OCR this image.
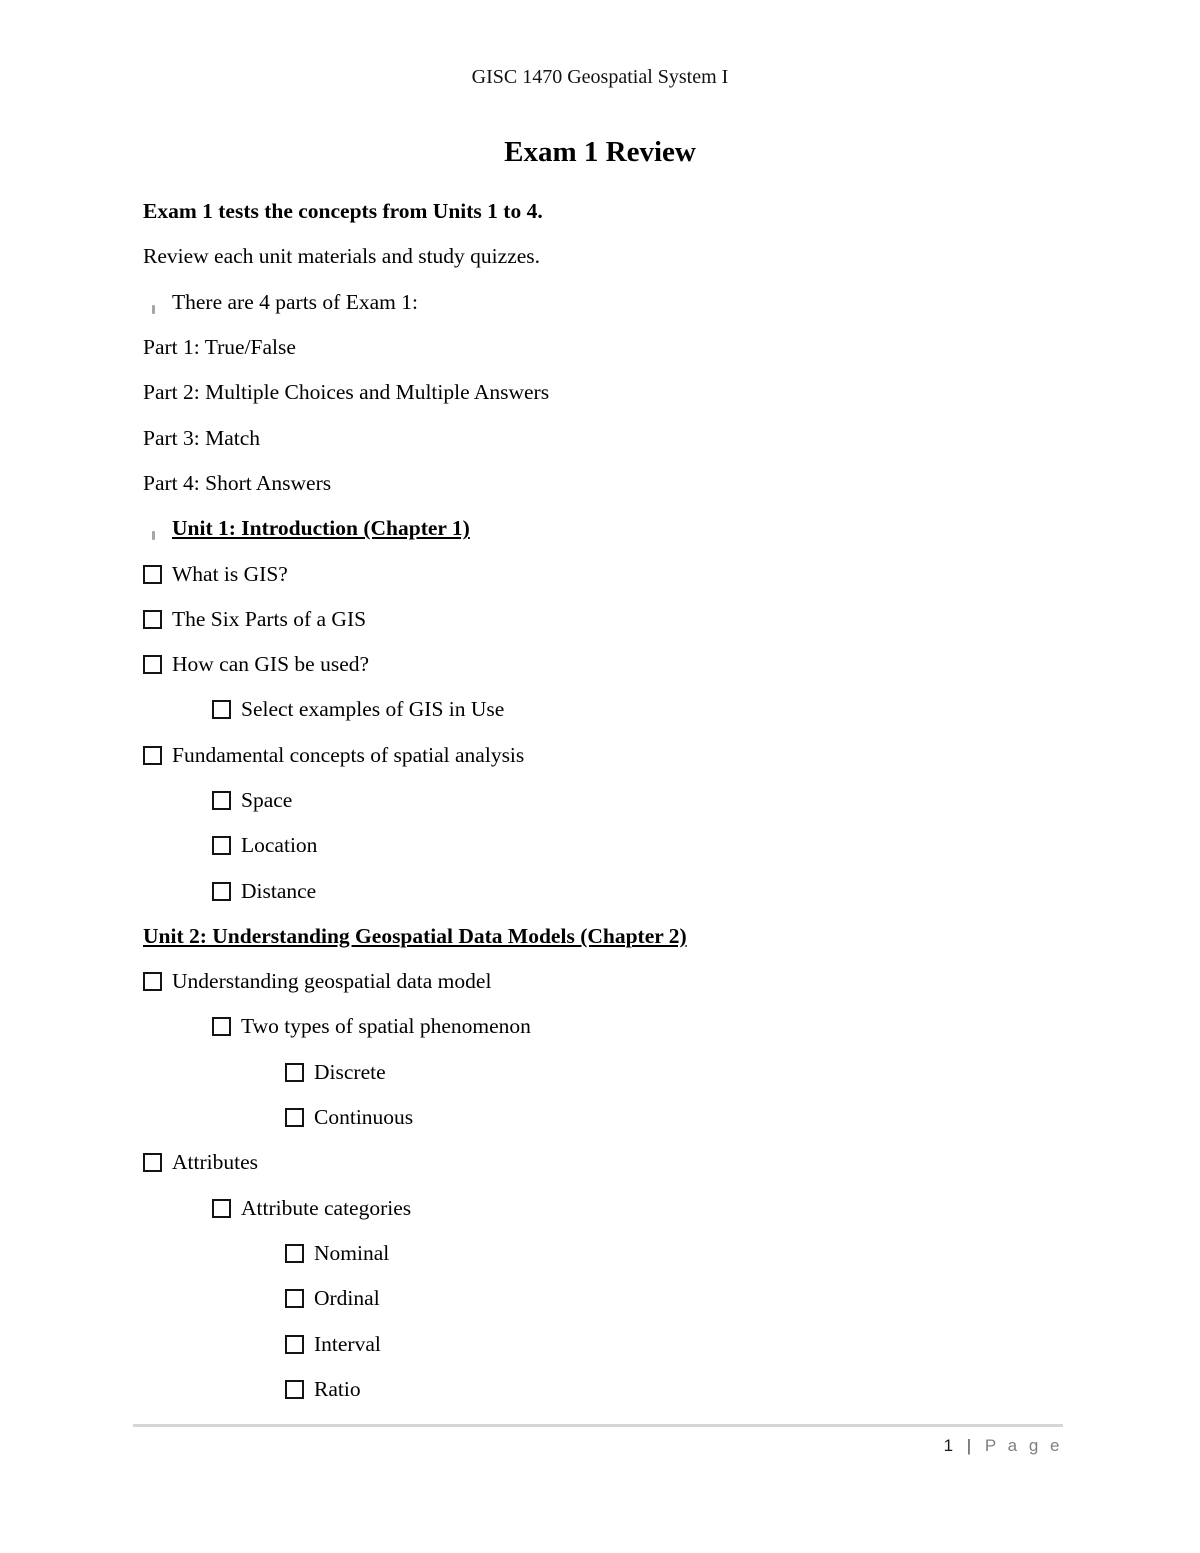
GISC 1470 Geospatial System I
Exam 1 Review
Exam 1 tests the concepts from Units 1 to 4.
Review each unit materials and study quizzes.
There are 4 parts of Exam 1:
Part 1: True/False
Part 2: Multiple Choices and Multiple Answers
Part 3: Match
Part 4: Short Answers
Unit 1: Introduction (Chapter 1)
What is GIS?
The Six Parts of a GIS
How can GIS be used?
Select examples of GIS in Use
Fundamental concepts of spatial analysis
Space
Location
Distance
Unit 2: Understanding Geospatial Data Models (Chapter 2)
Understanding geospatial data model
Two types of spatial phenomenon
Discrete
Continuous
Attributes
Attribute categories
Nominal
Ordinal
Interval
Ratio
1 | P a g e
